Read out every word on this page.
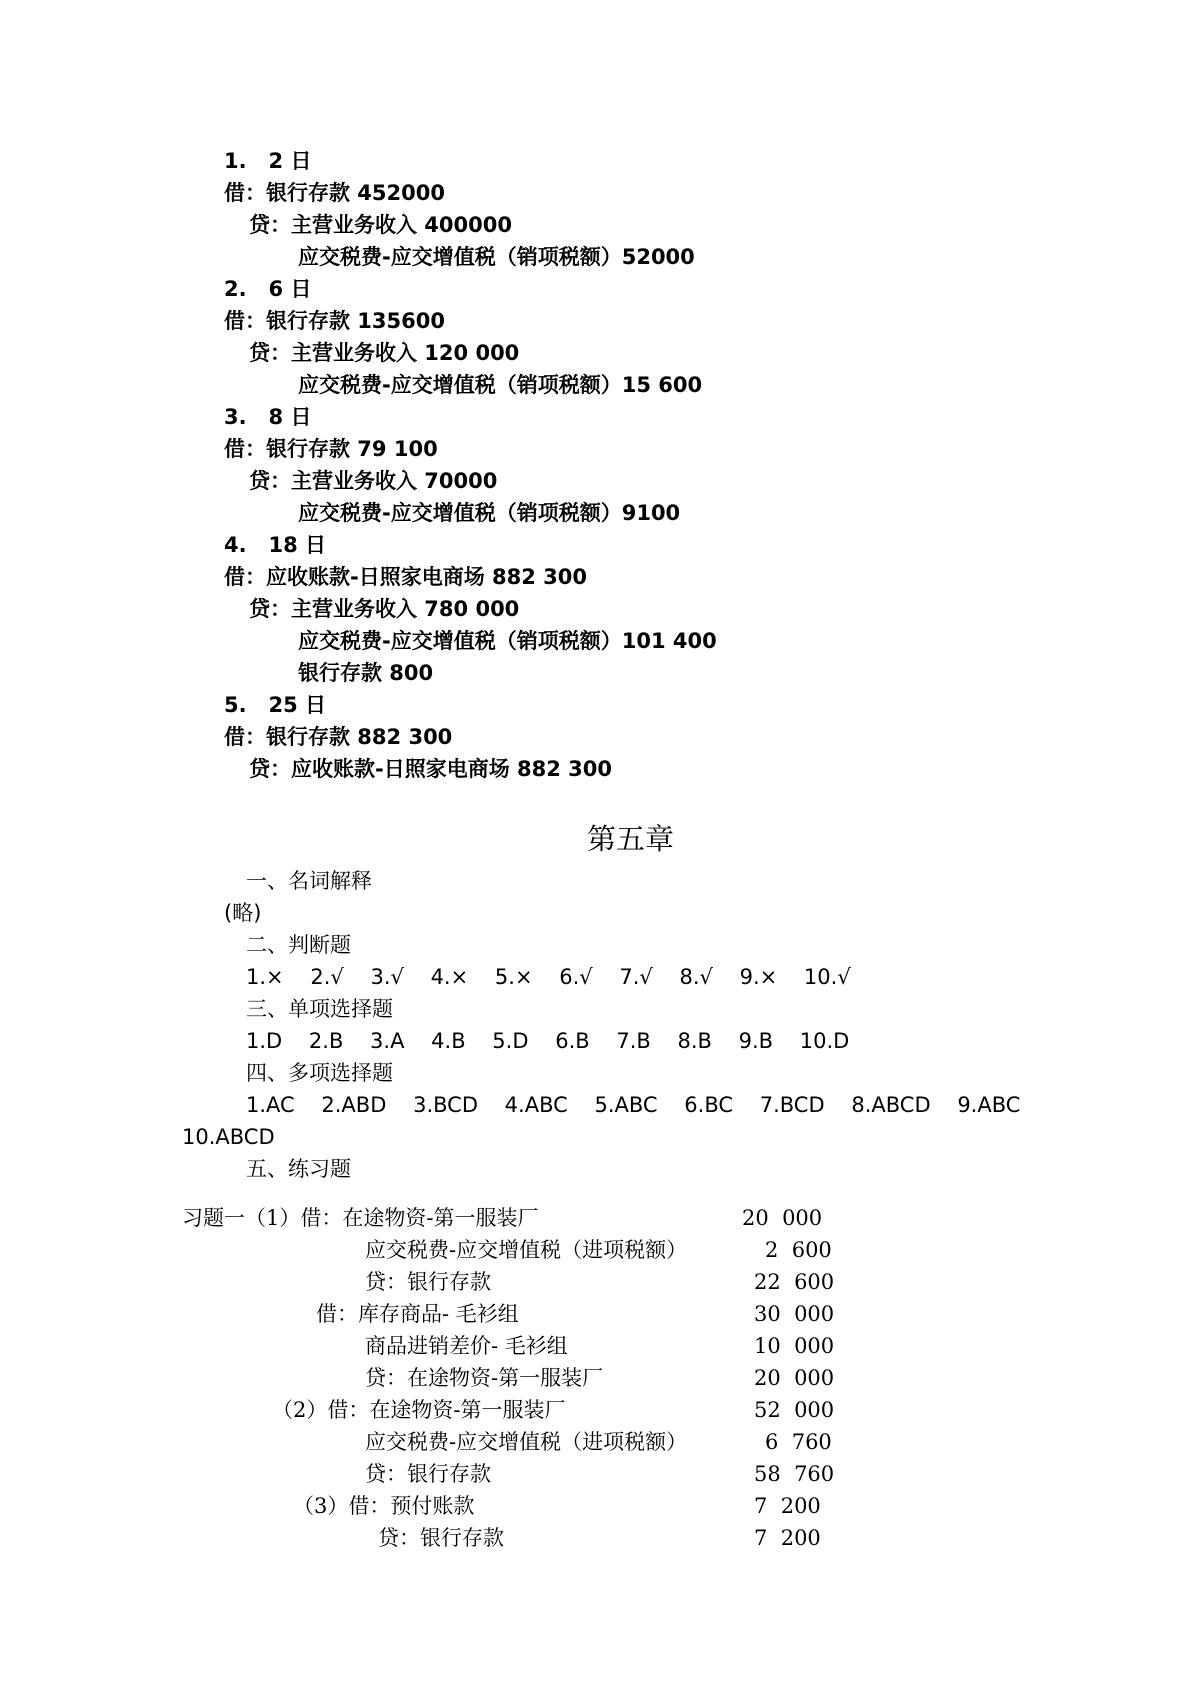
1.   2 日
借：银行存款 452000
贷：主营业务收入 400000
应交税费-应交增值税（销项税额）52000
2.   6 日
借：银行存款 135600
贷：主营业务收入 120 000
应交税费-应交增值税（销项税额）15 600
3.   8 日
借：银行存款 79 100
贷：主营业务收入 70000
应交税费-应交增值税（销项税额）9100
4.   18 日
借：应收账款-日照家电商场 882 300
贷：主营业务收入 780 000
应交税费-应交增值税（销项税额）101 400
银行存款 800
5.   25 日
借：银行存款 882 300
贷：应收账款-日照家电商场 882 300
第五章
一、名词解释
(略)
二、判断题
1.×    2.√    3.√    4.×    5.×    6.√    7.√    8.√    9.×    10.√
三、单项选择题
1.D    2.B    3.A    4.B    5.D    6.B    7.B    8.B    9.B    10.D
四、多项选择题
1.AC    2.ABD    3.BCD    4.ABC    5.ABC    6.BC    7.BCD    8.ABCD    9.ABC
10.ABCD
五、练习题
习题一（1）借：在途物资-第一服装厂	20  000
应交税费-应交增值税（进项税额）	2  600
贷：银行存款	22  600
借：库存商品- 毛衫组	30  000
商品进销差价- 毛衫组	10  000
贷：在途物资-第一服装厂	20  000
（2）借：在途物资-第一服装厂	52  000
应交税费-应交增值税（进项税额）	6  760
贷：银行存款	58  760
（3）借：预付账款	7  200
贷：银行存款	7  200
